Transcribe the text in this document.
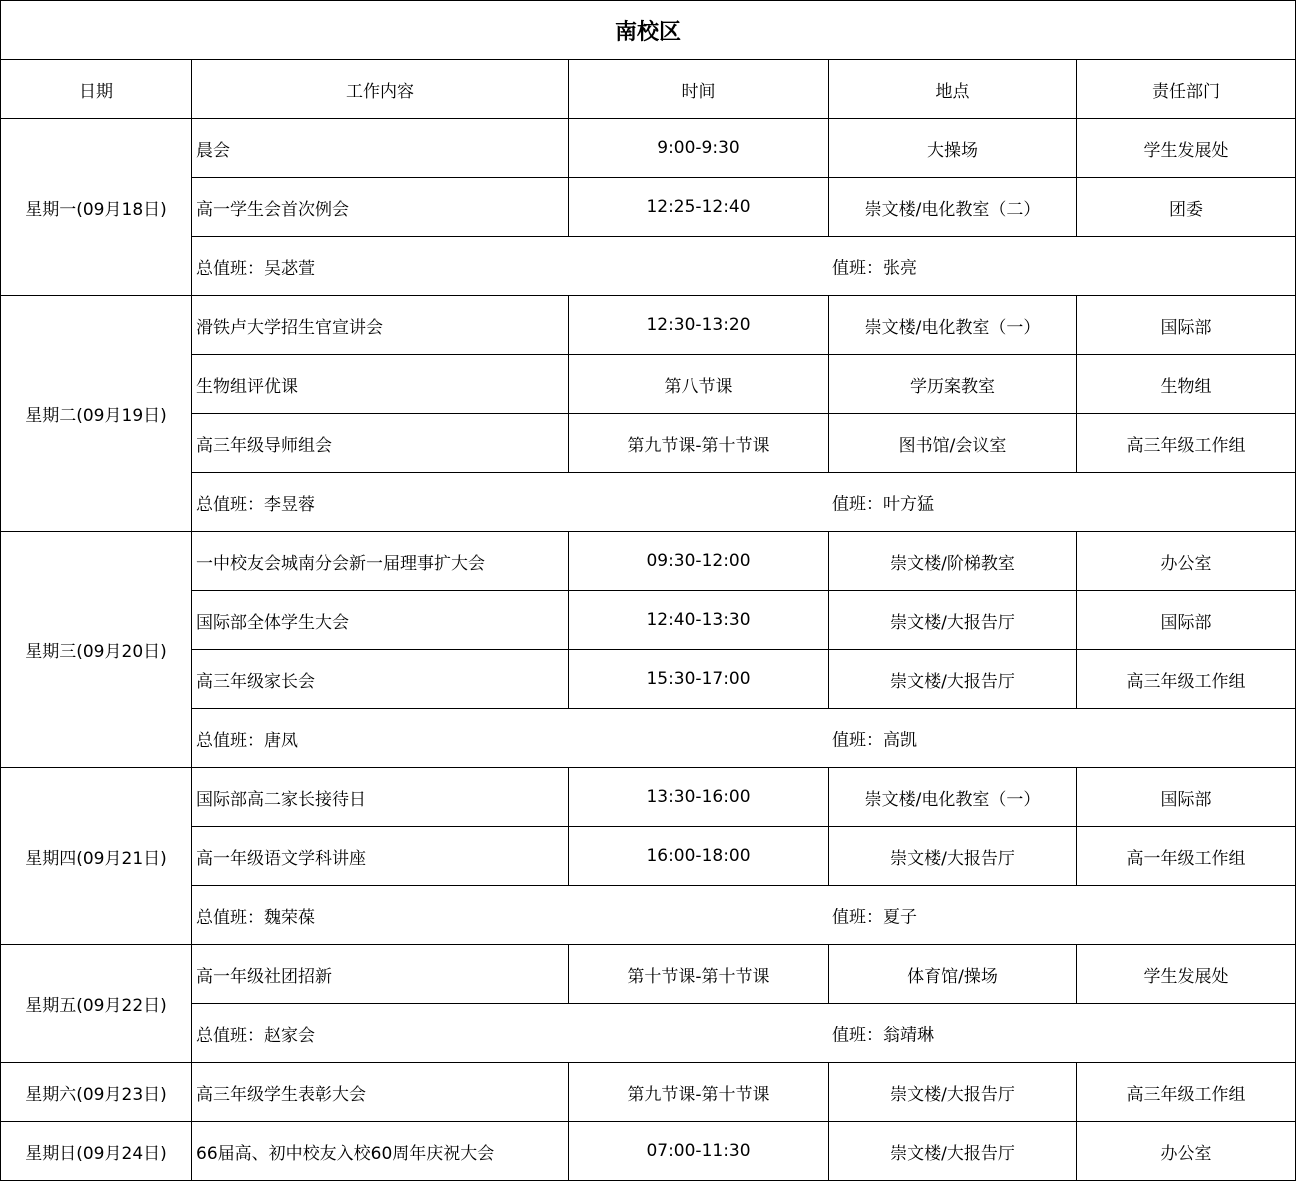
南校区				
日期	工作内容	时间	地点	责任部门
星期一(09月18日)	晨会	9:00-9:30	大操场	学生发展处
	高一学生会首次例会	12:25-12:40	崇文楼/电化教室（二）	团委
	总值班：吴苾萱 值班：张亮			

星期二(09月19日)	滑铁卢大学招生官宣讲会	12:30-13:20	崇文楼/电化教室（一）	国际部
	生物组评优课	第八节课	学历案教室	生物组
	高三年级导师组会	第九节课-第十节课	图书馆/会议室	高三年级工作组
	总值班：李昱蓉 值班：叶方猛			

星期三(09月20日)	一中校友会城南分会新一届理事扩大会	09:30-12:00	崇文楼/阶梯教室	办公室
	国际部全体学生大会	12:40-13:30	崇文楼/大报告厅	国际部
	高三年级家长会	15:30-17:00	崇文楼/大报告厅	高三年级工作组
	总值班：唐凤 值班：高凯			

星期四(09月21日)	国际部高二家长接待日	13:30-16:00	崇文楼/电化教室（一）	国际部
	高一年级语文学科讲座	16:00-18:00	崇文楼/大报告厅	高一年级工作组
	总值班：魏荣葆 值班：夏子			

星期五(09月22日)	高一年级社团招新	第十节课-第十节课	体育馆/操场	学生发展处
	总值班：赵家会 值班：翁靖琳			

星期六(09月23日)	高三年级学生表彰大会	第九节课-第十节课	崇文楼/大报告厅	高三年级工作组
星期日(09月24日)	66届高、初中校友入校60周年庆祝大会	07:00-11:30	崇文楼/大报告厅	办公室
